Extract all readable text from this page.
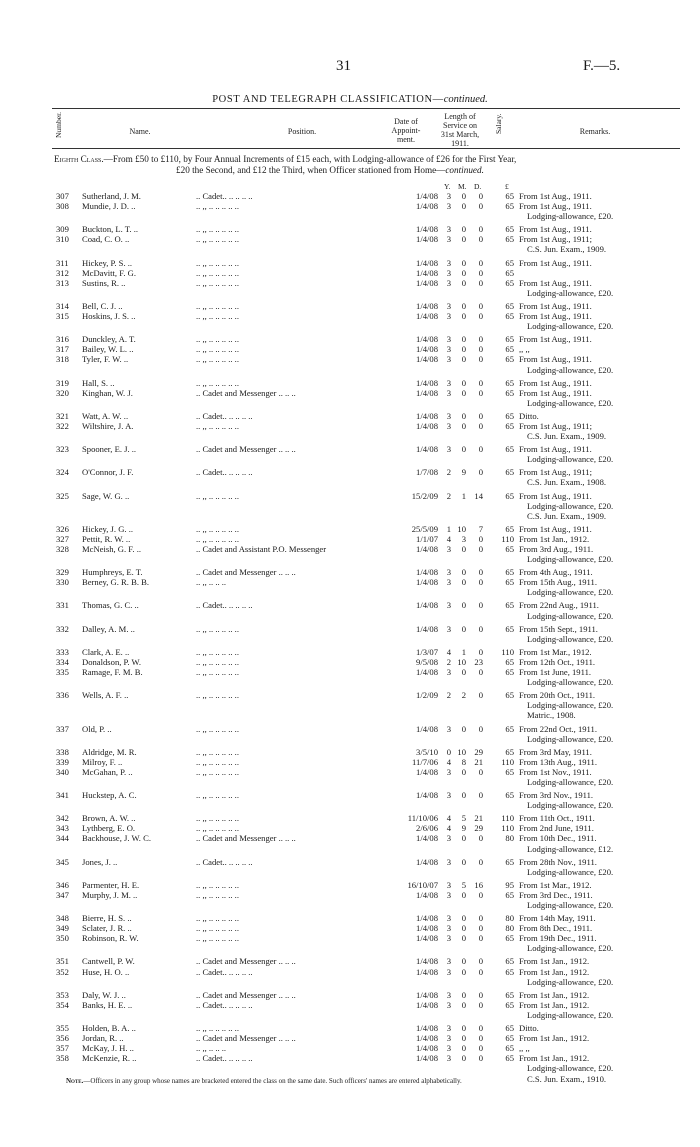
31	F.—5.
POST AND TELEGRAPH CLASSIFICATION—continued.
Number.	Name.	Position.
Date of
Appoint-
ment.
Length of
Service on
31st March,
1911.
Salary.	Remarks.
Eighth Class.—From £50 to £110, by Four Annual Increments of £15 each, with Lodging-allowance of £26 for the First Year,
£20 the Second, and £12 the Third, when Officer stationed from Home—continued.
Y. M. D.	£
307 Sutherland, J. M.	.. Cadet.. .. .. .. ..	1/4/08	3	0	0	65 From 1st Aug., 1911.
308 Mundie, J. D. ..	.. ,, .. .. .. .. ..	1/4/08	3	0	0	65 From 1st Aug., 1911.
Lodging-allowance, £20.
309 Buckton, L. T. ..	.. ,, .. .. .. .. ..	1/4/08	3	0	0	65 From 1st Aug., 1911.
310 Coad, C. O. ..	.. ,, .. .. .. .. ..	1/4/08	3	0	0	65 From 1st Aug., 1911;
C.S. Jun. Exam., 1909.
311 Hickey, P. S. ..	.. ,, .. .. .. .. ..	1/4/08	3	0	0	65 From 1st Aug., 1911.
312 McDavitt, F. G.	.. ,, .. .. .. .. ..	1/4/08	3	0	0	65
313 Sustins, R. ..	.. ,, .. .. .. .. ..	1/4/08	3	0	0	65 From 1st Aug., 1911.
Lodging-allowance, £20.
314 Bell, C. J. ..	.. ,, .. .. .. .. ..	1/4/08	3	0	0	65 From 1st Aug., 1911.
315 Hoskins, J. S. ..	.. ,, .. .. .. .. ..	1/4/08	3	0	0	65 From 1st Aug., 1911.
Lodging-allowance, £20.
316 Dunckley, A. T.	.. ,, .. .. .. .. ..	1/4/08	3	0	0	65 From 1st Aug., 1911.
317 Bailey, W. L. ..	.. ,, .. .. .. .. ..	1/4/08	3	0	0	65 ,, ,,
318 Tyler, F. W. ..	.. ,, .. .. .. .. ..	1/4/08	3	0	0	65 From 1st Aug., 1911.
Lodging-allowance, £20.
319 Hall, S. ..	.. ,, .. .. .. .. ..	1/4/08	3	0	0	65 From 1st Aug., 1911.
320 Kinghan, W. J.	.. Cadet and Messenger .. .. ..	1/4/08	3	0	0	65 From 1st Aug., 1911.
Lodging-allowance, £20.
321 Watt, A. W. ..	.. Cadet.. .. .. .. ..	1/4/08	3	0	0	65 Ditto.
322 Wiltshire, J. A.	.. ,, .. .. .. .. ..	1/4/08	3	0	0	65 From 1st Aug., 1911;
C.S. Jun. Exam., 1909.
323 Spooner, E. J. ..	.. Cadet and Messenger .. .. ..	1/4/08	3	0	0	65 From 1st Aug., 1911.
Lodging-allowance, £20.
324 O'Connor, J. F.	.. Cadet.. .. .. .. ..	1/7/08	2	9	0	65 From 1st Aug., 1911;
C.S. Jun. Exam., 1908.
325 Sage, W. G. ..	.. ,, .. .. .. .. ..	15/2/09	2	1 14	65 From 1st Aug., 1911.
Lodging-allowance, £20.
C.S. Jun. Exam., 1909.
326 Hickey, J. G. ..	.. ,, .. .. .. .. ..	25/5/09	1 10	7	65 From 1st Aug., 1911.
327 Pettit, R. W. ..	.. ,, .. .. .. .. ..	1/1/07	4	3	0	110 From 1st Jan., 1912.
328 McNeish, G. F. ..	.. Cadet and Assistant P.O. Messenger	1/4/08	3	0	0	65 From 3rd Aug., 1911.
Lodging-allowance, £20.
329 Humphreys, E. T.	.. Cadet and Messenger .. .. ..	1/4/08	3	0	0	65 From 4th Aug., 1911.
330 Berney, G. R. B. B.	.. ,, .. .. ..	1/4/08	3	0	0	65 From 15th Aug., 1911.
Lodging-allowance, £20.
331 Thomas, G. C. ..	.. Cadet.. .. .. .. ..	1/4/08	3	0	0	65 From 22nd Aug., 1911.
Lodging-allowance, £20.
332 Dalley, A. M. ..	.. ,, .. .. .. .. ..	1/4/08	3	0	0	65 From 15th Sept., 1911.
Lodging-allowance, £20.
333 Clark, A. E. ..	.. ,, .. .. .. .. ..	1/3/07	4	1	0	110 From 1st Mar., 1912.
334 Donaldson, P. W.	.. ,, .. .. .. .. ..	9/5/08	2 10 23	65 From 12th Oct., 1911.
335 Ramage, F. M. B.	.. ,, .. .. .. .. ..	1/4/08	3	0	0	65 From 1st June, 1911.
Lodging-allowance, £20.
336 Wells, A. F. ..	.. ,, .. .. .. .. ..	1/2/09	2	2	0	65 From 20th Oct., 1911.
Lodging-allowance, £20.
Matric., 1908.
337 Old, P. ..	.. ,, .. .. .. .. ..	1/4/08	3	0	0	65 From 22nd Oct., 1911.
Lodging-allowance, £20.
338 Aldridge, M. R.	.. ,, .. .. .. .. ..	3/5/10	0 10 29	65 From 3rd May, 1911.
339 Milroy, F. ..	.. ,, .. .. .. .. ..	11/7/06	4	8 21	110 From 13th Aug., 1911.
340 McGahan, P. ..	.. ,, .. .. .. .. ..	1/4/08	3	0	0	65 From 1st Nov., 1911.
Lodging-allowance, £20.
341 Huckstep, A. C.	.. ,, .. .. .. .. ..	1/4/08	3	0	0	65 From 3rd Nov., 1911.
Lodging-allowance, £20.
342 Brown, A. W. ..	.. ,, .. .. .. .. ..	11/10/06	4	5 21	110 From 11th Oct., 1911.
343 Lythberg, E. O.	.. ,, .. .. .. .. ..	2/6/06	4	9 29	110 From 2nd June, 1911.
344 Backhouse, J. W. C.	.. Cadet and Messenger .. .. ..	1/4/08	3	0	0	80 From 10th Dec., 1911.
Lodging-allowance, £12.
345 Jones, J. ..	.. Cadet.. .. .. .. ..	1/4/08	3	0	0	65 From 28th Nov., 1911.
Lodging-allowance, £20.
346 Parmenter, H. E.	.. ,, .. .. .. .. ..	16/10/07	3	5 16	95 From 1st Mar., 1912.
347 Murphy, J. M. ..	.. ,, .. .. .. .. ..	1/4/08	3	0	0	65 From 3rd Dec., 1911.
Lodging-allowance, £20.
348 Bierre, H. S. ..	.. ,, .. .. .. .. ..	1/4/08	3	0	0	80 From 14th May, 1911.
349 Sclater, J. R. ..	.. ,, .. .. .. .. ..	1/4/08	3	0	0	80 From 8th Dec., 1911.
350 Robinson, R. W.	.. ,, .. .. .. .. ..	1/4/08	3	0	0	65 From 19th Dec., 1911.
Lodging-allowance, £20.
351 Cantwell, P. W.	.. Cadet and Messenger .. .. ..	1/4/08	3	0	0	65 From 1st Jan., 1912.
352 Huse, H. O. ..	.. Cadet.. .. .. .. ..	1/4/08	3	0	0	65 From 1st Jan., 1912.
Lodging-allowance, £20.
353 Daly, W. J. ..	.. Cadet and Messenger .. .. ..	1/4/08	3	0	0	65 From 1st Jan., 1912.
354 Banks, H. E. ..	.. Cadet.. .. .. .. ..	1/4/08	3	0	0	65 From 1st Jan., 1912.
Lodging-allowance, £20.
355 Holden, B. A. ..	.. ,, .. .. .. .. ..	1/4/08	3	0	0	65 Ditto.
356 Jordan, R. ..	.. Cadet and Messenger .. .. ..	1/4/08	3	0	0	65 From 1st Jan., 1912.
357 McKay, J. H. ..	.. ,, .. .. ..	1/4/08	3	0	0	65 ,, ,,
358 McKenzie, R. ..	.. Cadet.. .. .. .. ..	1/4/08	3	0	0	65 From 1st Jan., 1912.
Lodging-allowance, £20.
C.S. Jun. Exam., 1910.
Note.—Officers in any group whose names are bracketed entered the class on the same date. Such officers' names are entered alphabetically.
